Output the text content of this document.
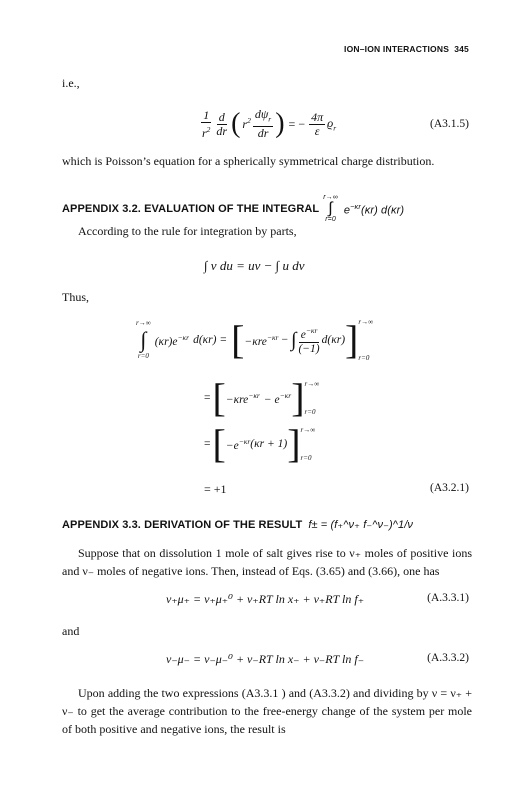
ION–ION INTERACTIONS 345
i.e.,
$\frac{1}{r^2} \frac{d}{dr}$ ( $r^2 \frac{d\psi_r}{dr}$ ) = − $\frac{4\pi}{\varepsilon} ϱ_r$	(A3.1.5)
which is Poisson’s equation for a spherically symmetrical charge distribution.
APPENDIX 3.2. EVALUATION OF THE INTEGRAL
r→∞
∫
r=0
$e^{-\kappa r}(\kappa r)$ d(κr)
According to the rule for integration by parts,
∫ v du = uv − ∫ u dv
Thus,
r→∞
∫
r=0
$(\kappa r)e^{-\kappa r}$ d(κr) = [ −κre$^{-\kappa r}$ − ∫ $\frac{e^{-\kappa r}}{(-1)} d(\kappa r)$ ] r→∞
r=0
= [ $-\kappa re^{-\kappa r} - e^{-\kappa r}$ ] r→∞
r=0
= [ $-e^{-\kappa r}$ (κr + 1) ] r→∞
r=0
= +1	(A3.2.1)
APPENDIX 3.3. DERIVATION OF THE RESULT f± = (f₊^ν₊ f₋^ν₋)^1/ν
Suppose that on dissolution 1 mole of salt gives rise to ν₊ moles of positive ions and ν₋ moles of negative ions. Then, instead of Eqs. (3.65) and (3.66), one has
ν₊μ₊ = ν₊μ₊⁰ + ν₊RT ln x₊ + ν₊RT ln f₊	(A.3.3.1)
and
ν₋μ₋ = ν₋μ₋⁰ + ν₋RT ln x₋ + ν₋RT ln f₋	(A.3.3.2)
Upon adding the two expressions (A3.3.1 ) and (A3.3.2) and dividing by ν = ν₊ + ν₋ to get the average contribution to the free-energy change of the system per mole of both positive and negative ions, the result is
